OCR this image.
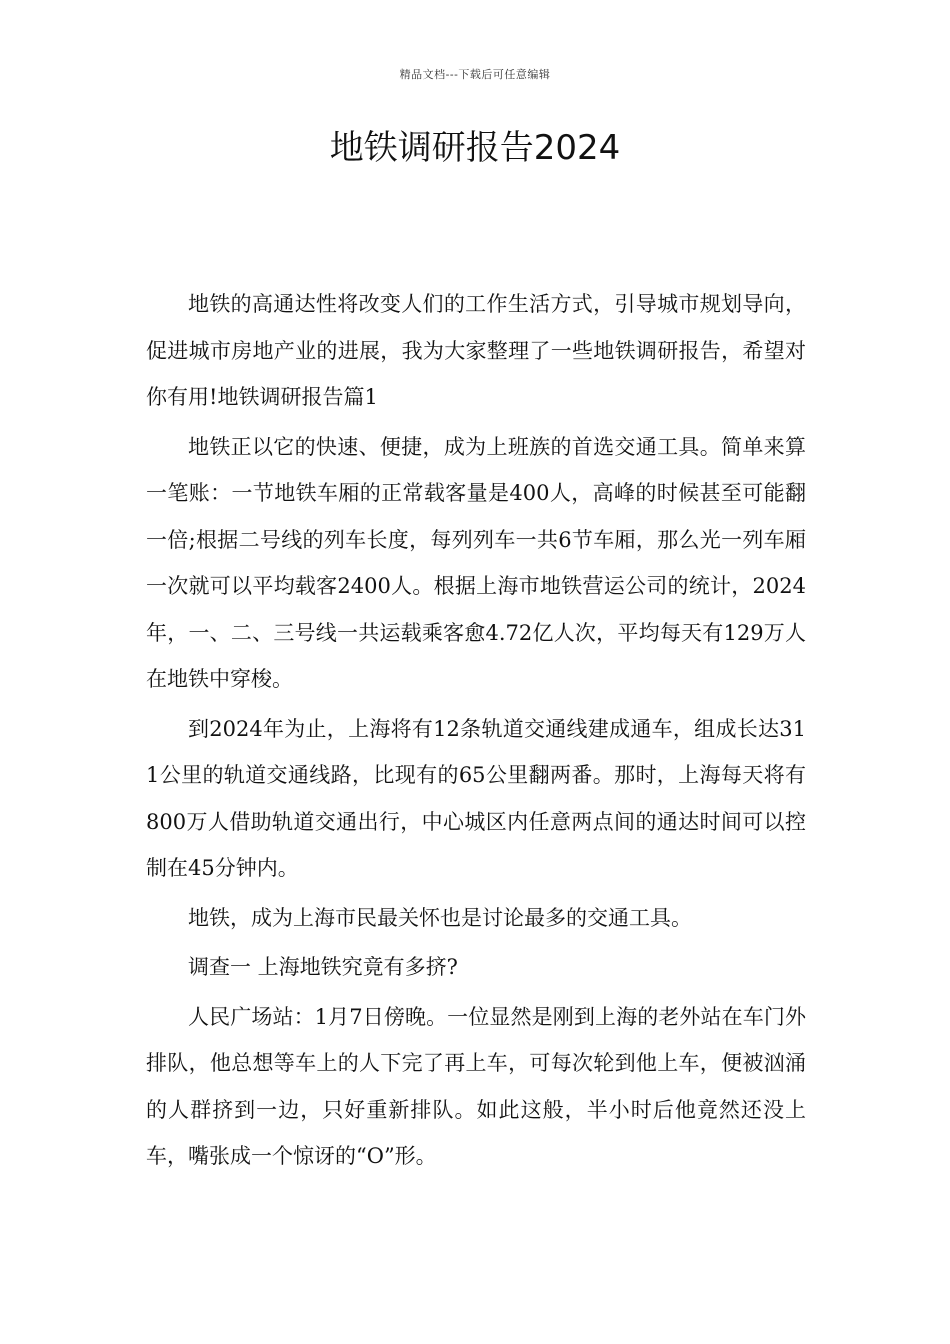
精品文档---下载后可任意编辑
地铁调研报告2024

地铁的高通达性将改变人们的工作生活方式，引导城市规划导向，促进城市房地产业的进展，我为大家整理了一些地铁调研报告，希望对你有用!地铁调研报告篇1

地铁正以它的快速、便捷，成为上班族的首选交通工具。简单来算一笔账：一节地铁车厢的正常载客量是400人，高峰的时候甚至可能翻一倍;根据二号线的列车长度，每列列车一共6节车厢，那么光一列车厢一次就可以平均载客2400人。根据上海市地铁营运公司的统计，2024年，一、二、三号线一共运载乘客愈4.72亿人次，平均每天有129万人在地铁中穿梭。

到2024年为止，上海将有12条轨道交通线建成通车，组成长达311公里的轨道交通线路，比现有的65公里翻两番。那时，上海每天将有800万人借助轨道交通出行，中心城区内任意两点间的通达时间可以控制在45分钟内。

地铁，成为上海市民最关怀也是讨论最多的交通工具。

调查一 上海地铁究竟有多挤?

人民广场站：1月7日傍晚。一位显然是刚到上海的老外站在车门外排队，他总想等车上的人下完了再上车，可每次轮到他上车，便被汹涌的人群挤到一边，只好重新排队。如此这般，半小时后他竟然还没上车，嘴张成一个惊讶的“O”形。
